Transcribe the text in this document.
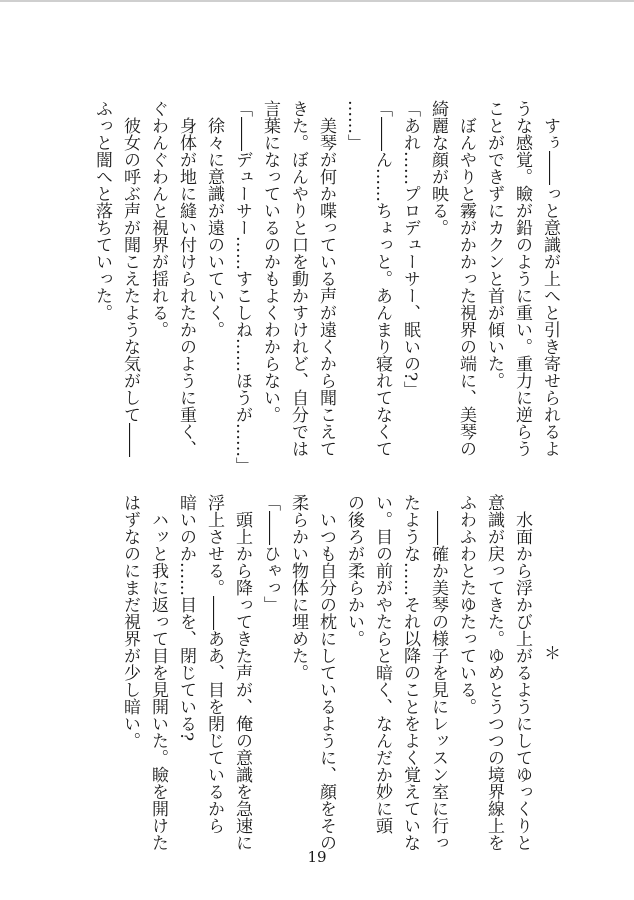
　すぅ――っと意識が上へと引き寄せられるよ
うな感覚。瞼が鉛のように重い。重力に逆らう
ことができずにカクンと首が傾いた。
　ぼんやりと霧がかかった視界の端に、美琴の
綺麗な顔が映る。
「あれ……プロデューサー、眠いの?」
「――ん……ちょっと。あんまり寝れてなくて
……」
　美琴が何か喋っている声が遠くから聞こえて
きた。ぼんやりと口を動かすけれど、自分では
言葉になっているのかもよくわからない。
「――デューサー……すこしね……ほうが……」
　徐々に意識が遠のいていく。
　身体が地に縫い付けられたかのように重く、
ぐわんぐわんと視界が揺れる。
　彼女の呼ぶ声が聞こえたような気がして――
ふっと闇へと落ちていった。
＊
　水面から浮かび上がるようにしてゆっくりと
意識が戻ってきた。ゆめとうつつの境界線上を
ふわふわとたゆたっている。
　――確か美琴の様子を見にレッスン室に行っ
たような……それ以降のことをよく覚えていな
い。目の前がやたらと暗く、なんだか妙に頭
の後ろが柔らかい。
　いつも自分の枕にしているように、顔をその
柔らかい物体に埋めた。
「――ひゃっ」
　頭上から降ってきた声が、俺の意識を急速に
浮上させる。――ああ、目を閉じているから
暗いのか……目を、閉じている?
　ハッと我に返って目を見開いた。瞼を開けた
はずなのにまだ視界が少し暗い。
19
